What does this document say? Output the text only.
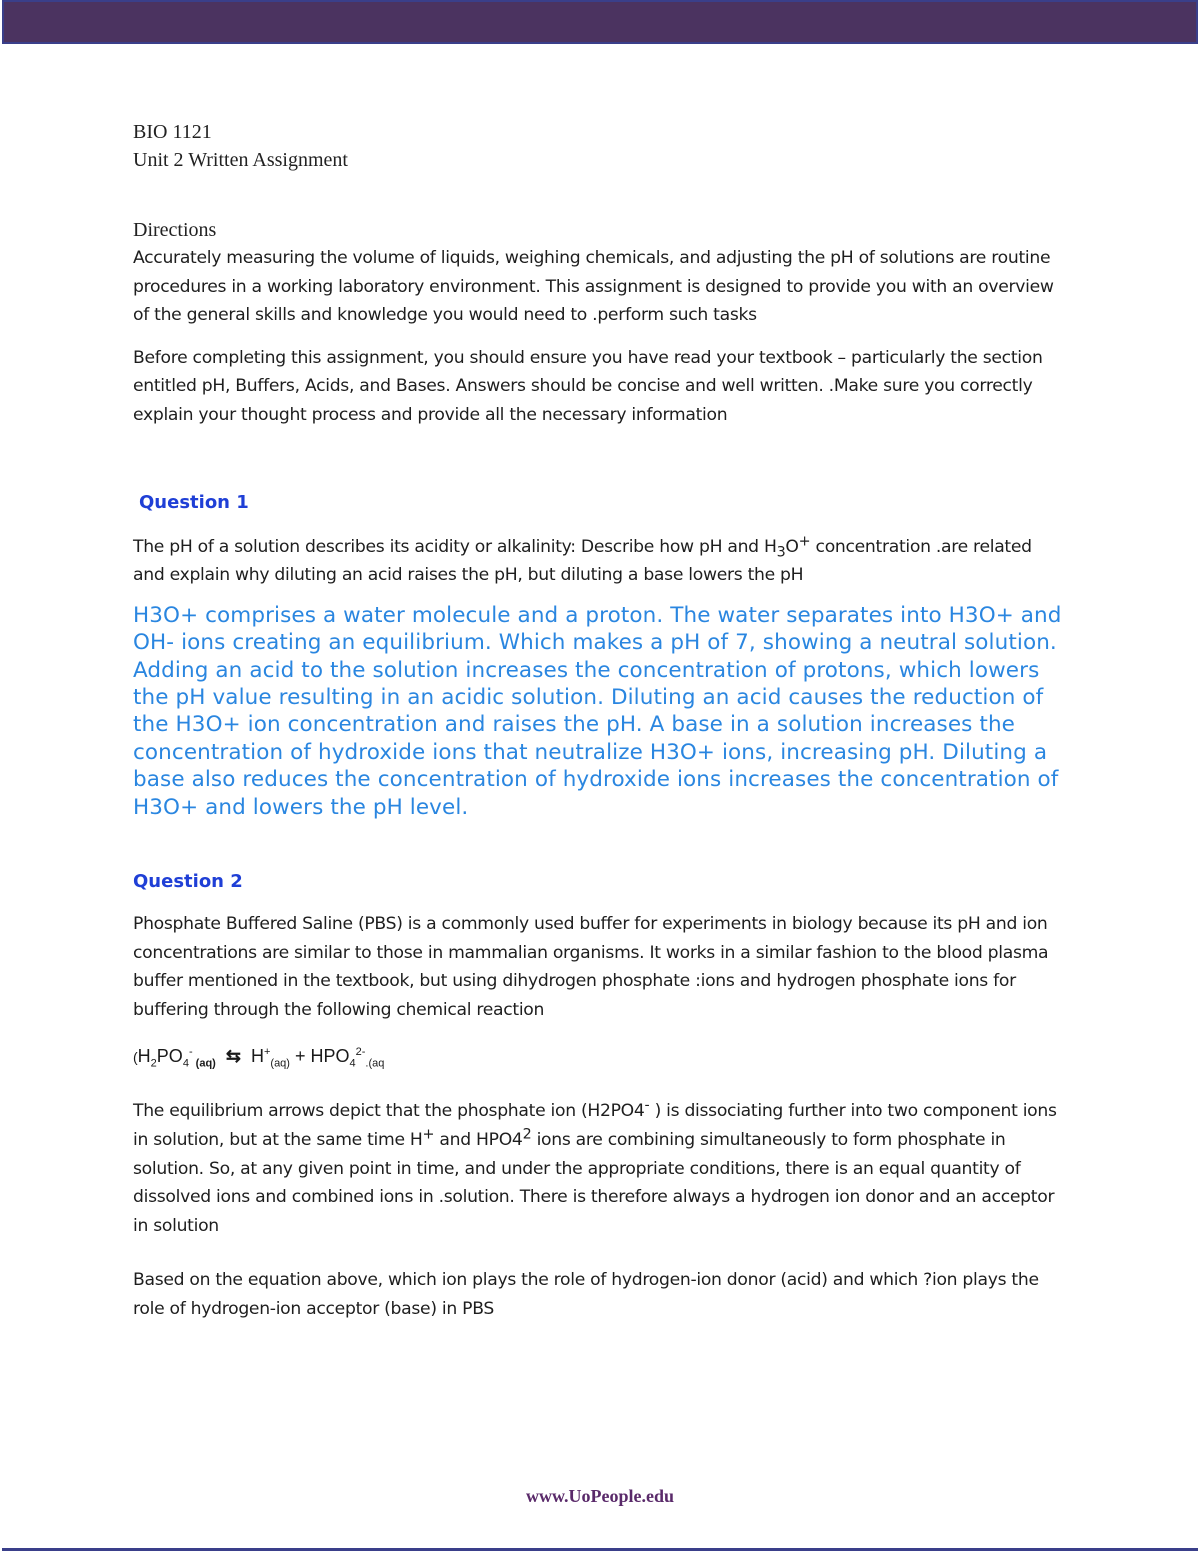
BIO 1121
Unit 2 Written Assignment
Directions
Accurately measuring the volume of liquids, weighing chemicals, and adjusting the pH of solutions are routine procedures in a working laboratory environment. This assignment is designed to provide you with an overview of the general skills and knowledge you would need to .perform such tasks
Before completing this assignment, you should ensure you have read your textbook – particularly the section entitled pH, Buffers, Acids, and Bases. Answers should be concise and well written. .Make sure you correctly explain your thought process and provide all the necessary information
Question 1
The pH of a solution describes its acidity or alkalinity: Describe how pH and $H_3O^+$ concentration .are related and explain why diluting an acid raises the pH, but diluting a base lowers the pH
H3O+ comprises a water molecule and a proton. The water separates into H3O+ and OH- ions creating an equilibrium. Which makes a pH of 7, showing a neutral solution. Adding an acid to the solution increases the concentration of protons, which lowers the pH value resulting in an acidic solution. Diluting an acid causes the reduction of the H3O+ ion concentration and raises the pH. A base in a solution increases the concentration of hydroxide ions that neutralize H3O+ ions, increasing pH. Diluting a base also reduces the concentration of hydroxide ions increases the concentration of H3O+ and lowers the pH level.
Question 2
Phosphate Buffered Saline (PBS) is a commonly used buffer for experiments in biology because its pH and ion concentrations are similar to those in mammalian organisms. It works in a similar fashion to the blood plasma buffer mentioned in the textbook, but using dihydrogen phosphate :ions and hydrogen phosphate ions for buffering through the following chemical reaction
($H_2PO_4^-$ $_{(aq)}$ ⇆ $H^+_{(aq)} + HPO_4^{2-}_{.(aq}$
The equilibrium arrows depict that the phosphate ion (H2PO4- ) is dissociating further into two component ions in solution, but at the same time H+ and $HPO4^2$ ions are combining simultaneously to form phosphate in solution. So, at any given point in time, and under the appropriate conditions, there is an equal quantity of dissolved ions and combined ions in .solution. There is therefore always a hydrogen ion donor and an acceptor in solution
Based on the equation above, which ion plays the role of hydrogen-ion donor (acid) and which ?ion plays the role of hydrogen-ion acceptor (base) in PBS
www.UoPeople.edu
